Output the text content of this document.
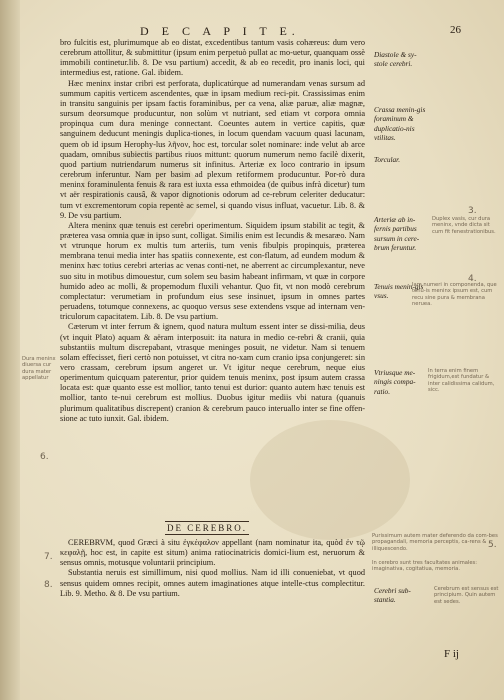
D E C A P I T E.	26

bro fulcitis est, plurimumque ab eo distat, excedentibus tantum vasis cohæreus: dum vero cerebrum attollitur, & submittitur (ipsum enim perpetuò pullat ac mo-uetur, quanquam ossè immobili continetur.lib. 8. De vsu partium) accedit, & ab eo recedit, pro inanis loci, qui intermedius est, ratione. Gal. ibidem.

Hæc meninx instar cribri est perforata, duplicatúrque ad numerandam venas sursum ad summum capitis verticem ascendentes, quæ in ipsam medium reci-pit. Crassissimas enim in transitu sanguinis per ipsam factis foraminibus, per ca vena, aliæ paruæ, aliæ magnæ, sursum deorsumque producuntur, non solùm vt nutriant, sed etiam vt corpora omnia propinqua cum dura meninge connectant. Coeuntes autem in vertice capitis, quæ sanguinem deducunt meningis duplica-tiones, in locum quendam vacuum quasi lacunam, quem ob id ipsum Herophy-lus λῆνον, hoc est, torcular solet nominare: inde velut ab arce quadam, omnibus subiectis partibus riuos mittunt: quorum numerum nemo facilè dixerit, quod partium nutriendarum numerus sit infinitus. Arteriæ ex loco contrario in ipsum cerebrum inferuntur. Nam per basim ad plexum retiformem producuntur. Por-rò dura meninx foraminulenta fenuis & rara est iuxta essa ethmoidea (de quibus infrà dicetur) tum vt aër respirationis causâ, & vapor dignotionis odorum ad ce-rebrum celeriter deducatur: tum vt excrementorum copia repentè ac semel, si quando visus influat, vacuetur. Lib. 8. & 9. De vsu partium.

Altera meninx quæ tenuis est cerebri operimentum. Siquidem ipsum stabilit ac tegit, & præterea vasa omnia quæ in ipso sunt, colligat. Similis enim est Iecundis & mesaræo. Nam vt vtrunque horum ex multis tum arteriis, tum venis fibulpis propinquis, præterea membrana tenui media inter has spatiis connexente, est con-flatum, ad eundem modum & meninx hæc totius cerebri arterias ac venas conti-net, ne aberrent ac circumplexantur, neve suo situ in motibus dimouestur, cum solem seu basim habeant infirmam, vt quæ in corpore humido adeo ac molli, & propemodum fluxili vehantur. Quo fit, vt non modò cerebrum complectatur: verumetiam in profundum eius sese insinuet, ipsum in omnes partes peruadens, totumque connexens, ac quoquo versus sese extendens vsque ad internam ven-triculorum capacitatem. Lib. 8. De vsu partium.

Cæterum vt inter ferrum & ignem, quod natura multum essent inter se dissi-milia, deus (vt inquit Plato) aquam & aëram interposuit: ita natura in medio ce-rebri & cranii, quia substantiis multum discrepabant, vtrasque meninges posuit, ne videtur. Nam si tenuem solam effecisset, fieri certò non potuisset, vt citra no-xam cum cranio ipsa conjungeret: sin vero crassam, cerebrum ipsum angeret ur. Vt igitur neque cerebrum, neque eius operimentum quicquam paterentur, prior quidem tenuis meninx, post ipsum autem crassa locata est: quæ quanto esse est mollior, tanto tenui est durior: quanto autem hæc tenuis est mollior, tanto te-nui cerebrum est mollius. Duobus igitur mediis vbi natura (quanuis plurimum qualitatibus discrepent) cranion & cerebrum pauco interuallo inter se fine offen-sione ac tuto iunxit. Gal. ibidem.

DE CEREBRO.

CEREBRVM, quod Græci à situ ἐγκέφαλον appellant (nam nominatur ita, quòd ἐν τῷ κεφαλῇ, hoc est, in capite est situm) anima ratiocinatricis domici-lium est, neruorum & sensus omnis, motusque voluntarii principium.

Substantia neruis est simillimum, nisi quod mollius. Nam id illi conueniebat, vt quod sensus quidem omnes recipit, omnes autem imaginationes atque intelle-ctus complectitur. Lib. 9. Metho. & 8. De vsu partium.

Diastole & sy-stole cerebri.
Crassa menin-gis foraminum & duplicatio-nis vtilitas.
Torcular.
Arteriæ ab in-fernis partibus sursum in cere-brum feruntur.
Tenuis menin-gis vsus.
Vtriusque me-ningis compa-ratio.
Cerebri sub-stantia.
Dura meninx diuersa cur dura mater appellatur
Duplex vasis, cur dura meninx, vnde dicta sit cum fit fenestrationibus.
Iam numeri in componenda, que tenu-is meninx ipsum est, cum recu sine pura & membrana neruea.
In terra enim finem frigidum,est fundatur & inter calidissima calidum, sicc.
Purissimum autem mater deferendo da com-bes propagandali, memoria perceptis, ca-rens & illiquescendo.
In cerebro sunt tres facultates animales: imaginativa, cogitatiua, memoria.
Cerebrum est sensus est principium. Quin autem est sedes.
3.
4.
5.
6.
7.
8.
F ij
